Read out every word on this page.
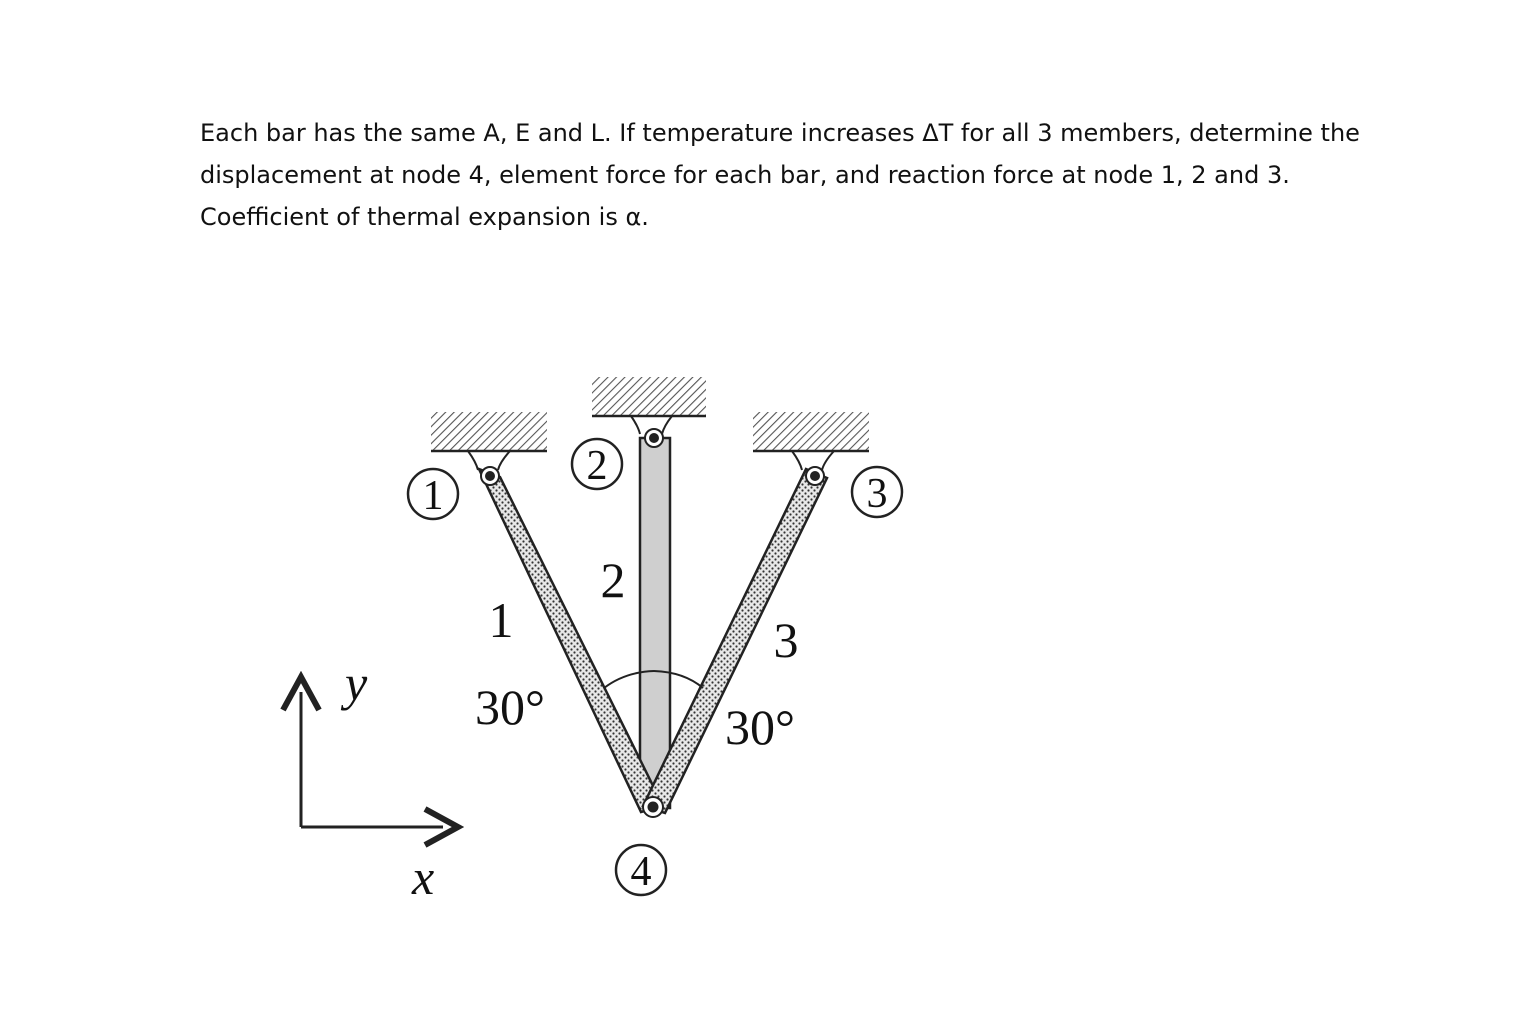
Each bar has the same A, E and L. If temperature increases ΔT for all 3 members, determine the
displacement at node 4, element force for each bar, and reaction force at node 1, 2 and 3.
Coefficient of thermal expansion is α.
1
2
3
4
1
2
3
30°	30°
y
x
